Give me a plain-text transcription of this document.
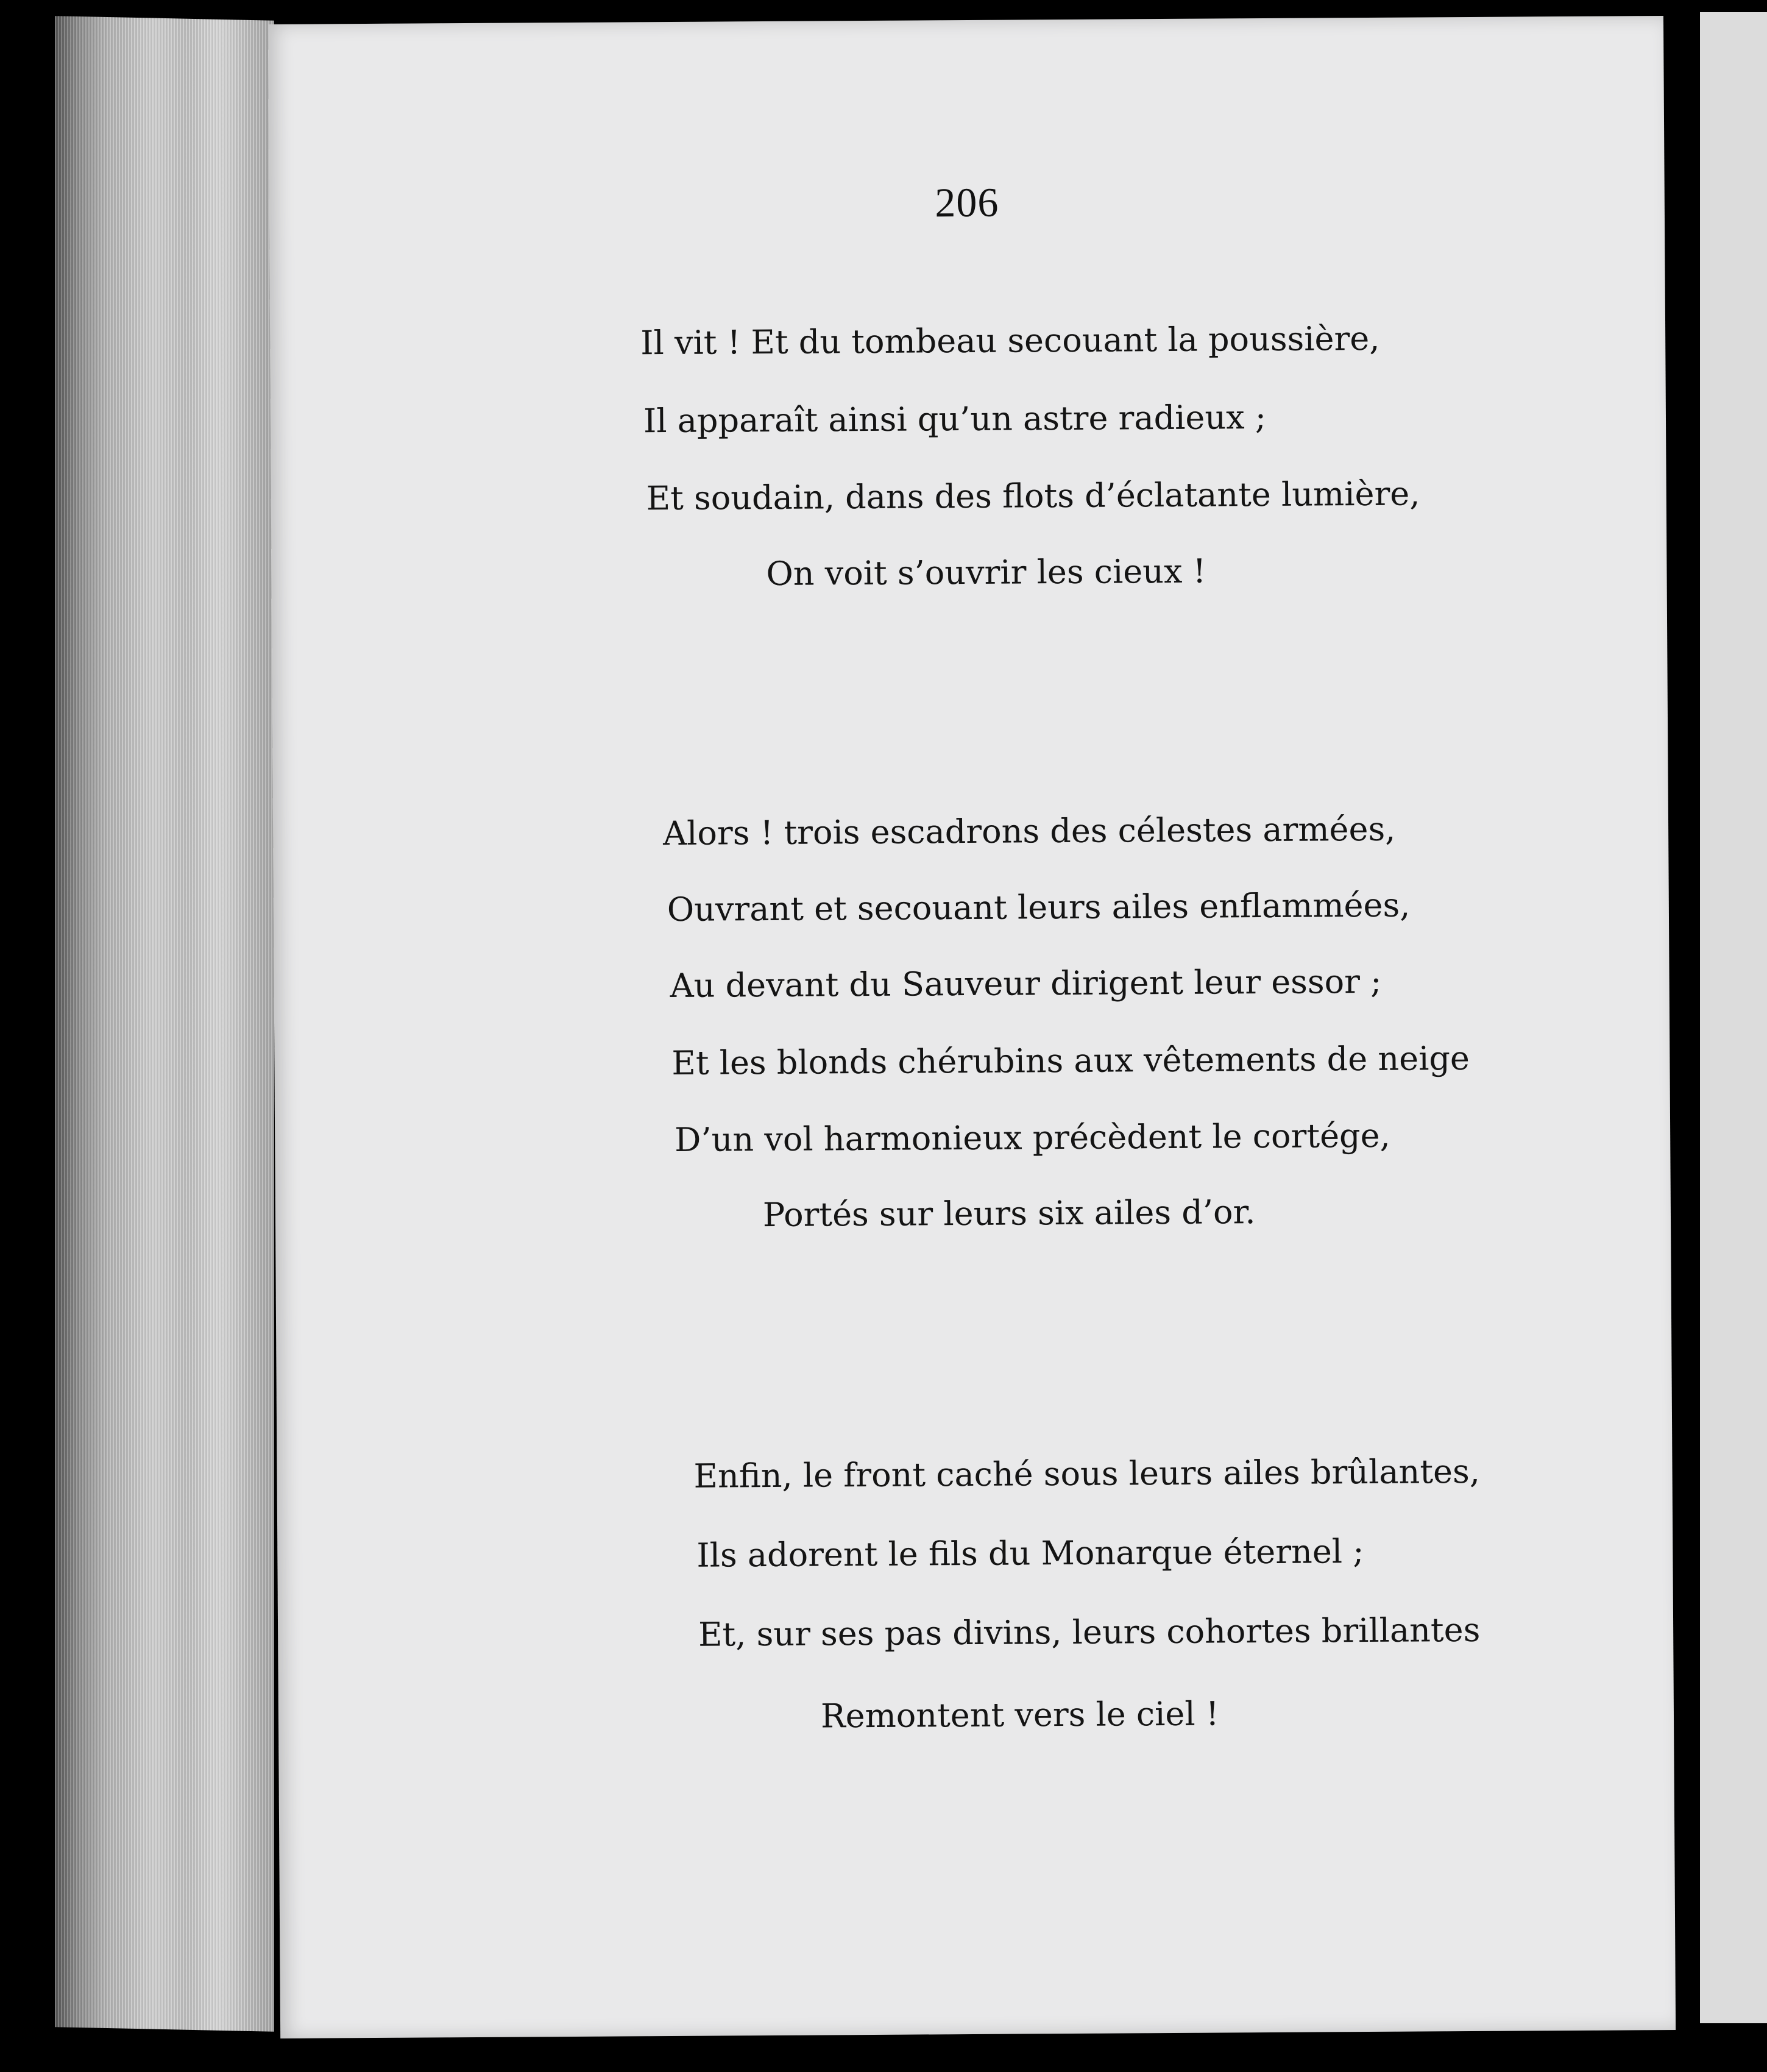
206
Il vit ! Et du tombeau secouant la poussière,
Il apparaît ainsi qu’un astre radieux ;
Et soudain, dans des flots d’éclatante lumière,
On voit s’ouvrir les cieux !
Alors ! trois escadrons des célestes armées,
Ouvrant et secouant leurs ailes enflammées,
Au devant du Sauveur dirigent leur essor ;
Et les blonds chérubins aux vêtements de neige
D’un vol harmonieux précèdent le cortége,
Portés sur leurs six ailes d’or.
Enfin, le front caché sous leurs ailes brûlantes,
Ils adorent le fils du Monarque éternel ;
Et, sur ses pas divins, leurs cohortes brillantes
Remontent vers le ciel !
